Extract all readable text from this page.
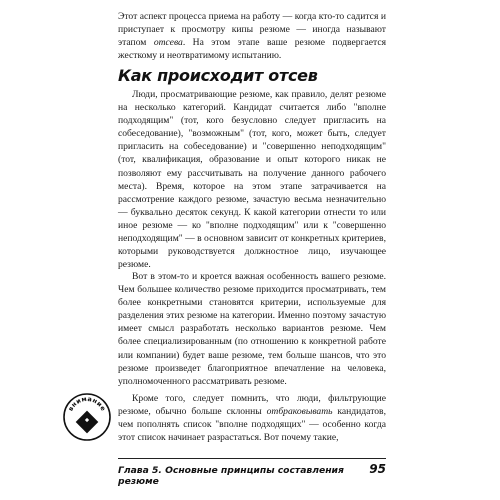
Этот аспект процесса приема на работу — когда кто-то садится и приступает к просмотру кипы резюме — иногда называют этапом отсева. На этом этапе ваше резюме подвергается жесткому и неотвратимому испытанию.

Как происходит отсев

Люди, просматривающие резюме, как правило, делят резюме на несколько категорий. Кандидат считается либо "вполне подходящим" (тот, кого безусловно следует пригласить на собеседование), "возможным" (тот, кого, может быть, следует пригласить на собеседование) и "совершенно неподходящим" (тот, квалификация, образование и опыт которого никак не позволяют ему рассчитывать на получение данного рабочего места). Время, которое на этом этапе затрачивается на рассмотрение каждого резюме, зачастую весьма незначительно — буквально десяток секунд. К какой категории отнести то или иное резюме — ко "вполне подходящим" или к "совершенно неподходящим" — в основном зависит от конкретных критериев, которыми руководствуется должностное лицо, изучающее резюме.

Вот в этом-то и кроется важная особенность вашего резюме. Чем большее количество резюме приходится просматривать, тем более конкретными становятся критерии, используемые для разделения этих резюме на категории. Именно поэтому зачастую имеет смысл разработать несколько вариантов резюме. Чем более специализированным (по отношению к конкретной работе или компании) будет ваше резюме, тем больше шансов, что это резюме произведет благоприятное впечатление на человека, уполномоченного рассматривать резюме.

внимание

Кроме того, следует помнить, что люди, фильтрующие резюме, обычно больше склонны отбраковывать кандидатов, чем пополнять список "вполне подходящих" — особенно когда этот список начинает разрастаться. Вот почему такие,

Глава 5. Основные принципы составления резюме
95
